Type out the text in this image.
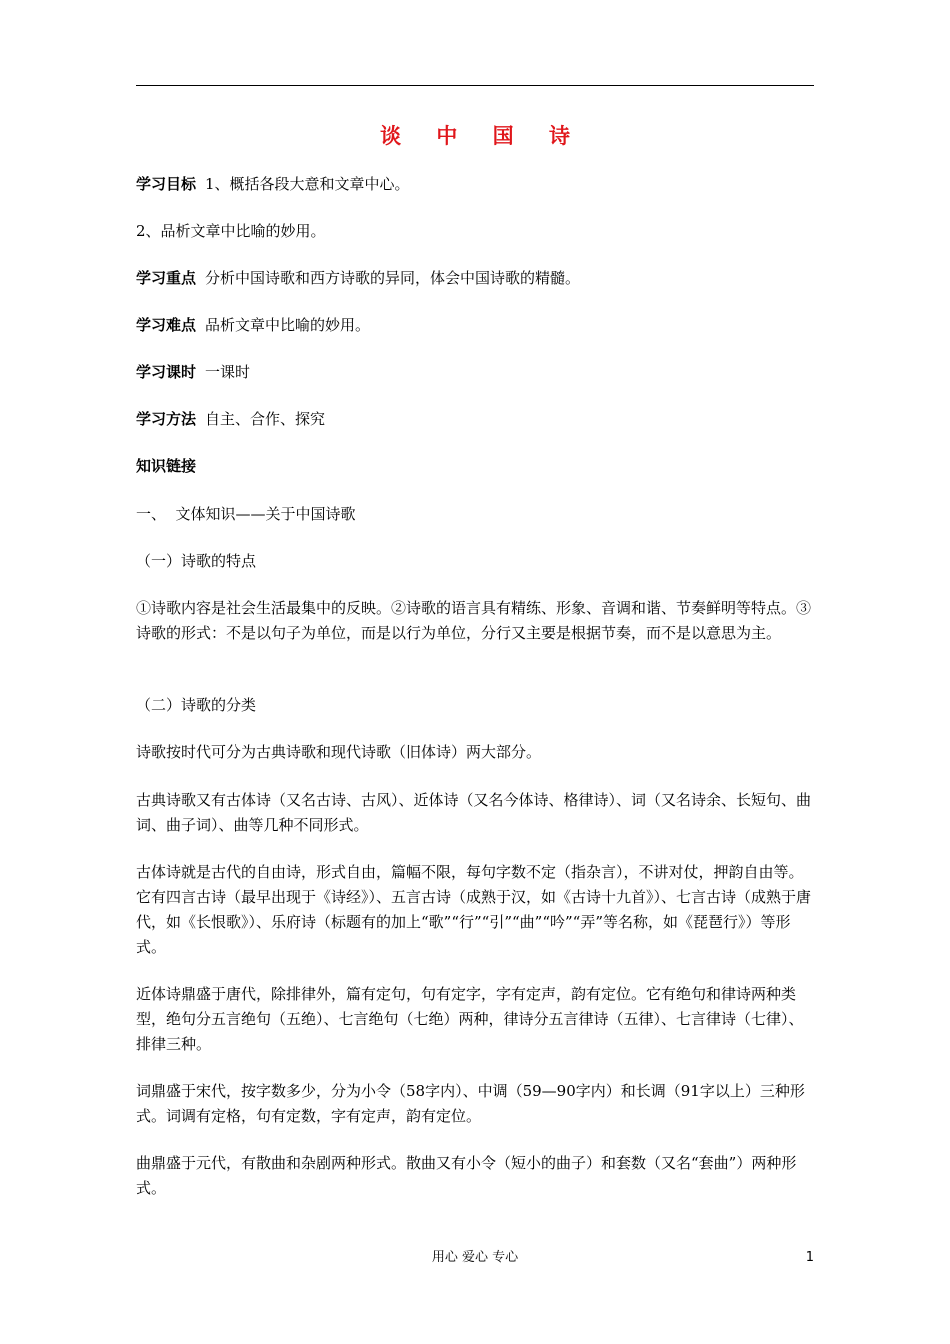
谈 中 国 诗

学习目标 1、概括各段大意和文章中心。

2、品析文章中比喻的妙用。

学习重点 分析中国诗歌和西方诗歌的异同，体会中国诗歌的精髓。

学习难点 品析文章中比喻的妙用。

学习课时 一课时

学习方法 自主、合作、探究

知识链接

一、  文体知识——关于中国诗歌

（一）诗歌的特点

①诗歌内容是社会生活最集中的反映。②诗歌的语言具有精练、形象、音调和谐、节奏鲜明等特点。③诗歌的形式：不是以句子为单位，而是以行为单位，分行又主要是根据节奏，而不是以意思为主。

（二）诗歌的分类

诗歌按时代可分为古典诗歌和现代诗歌（旧体诗）两大部分。

古典诗歌又有古体诗（又名古诗、古风）、近体诗（又名今体诗、格律诗）、词（又名诗余、长短句、曲词、曲子词）、曲等几种不同形式。

古体诗就是古代的自由诗，形式自由，篇幅不限，每句字数不定（指杂言），不讲对仗，押韵自由等。它有四言古诗（最早出现于《诗经》）、五言古诗（成熟于汉，如《古诗十九首》）、七言古诗（成熟于唐代，如《长恨歌》）、乐府诗（标题有的加上“歌”“行”“引”“曲”“吟”“弄”等名称，如《琵琶行》）等形式。

近体诗鼎盛于唐代，除排律外，篇有定句，句有定字，字有定声，韵有定位。它有绝句和律诗两种类型，绝句分五言绝句（五绝）、七言绝句（七绝）两种，律诗分五言律诗（五律）、七言律诗（七律）、排律三种。

词鼎盛于宋代，按字数多少，分为小令（58字内）、中调（59—90字内）和长调（91字以上）三种形式。词调有定格，句有定数，字有定声，韵有定位。

曲鼎盛于元代，有散曲和杂剧两种形式。散曲又有小令（短小的曲子）和套数（又名“套曲”）两种形式。

用心 爱心 专心	1
